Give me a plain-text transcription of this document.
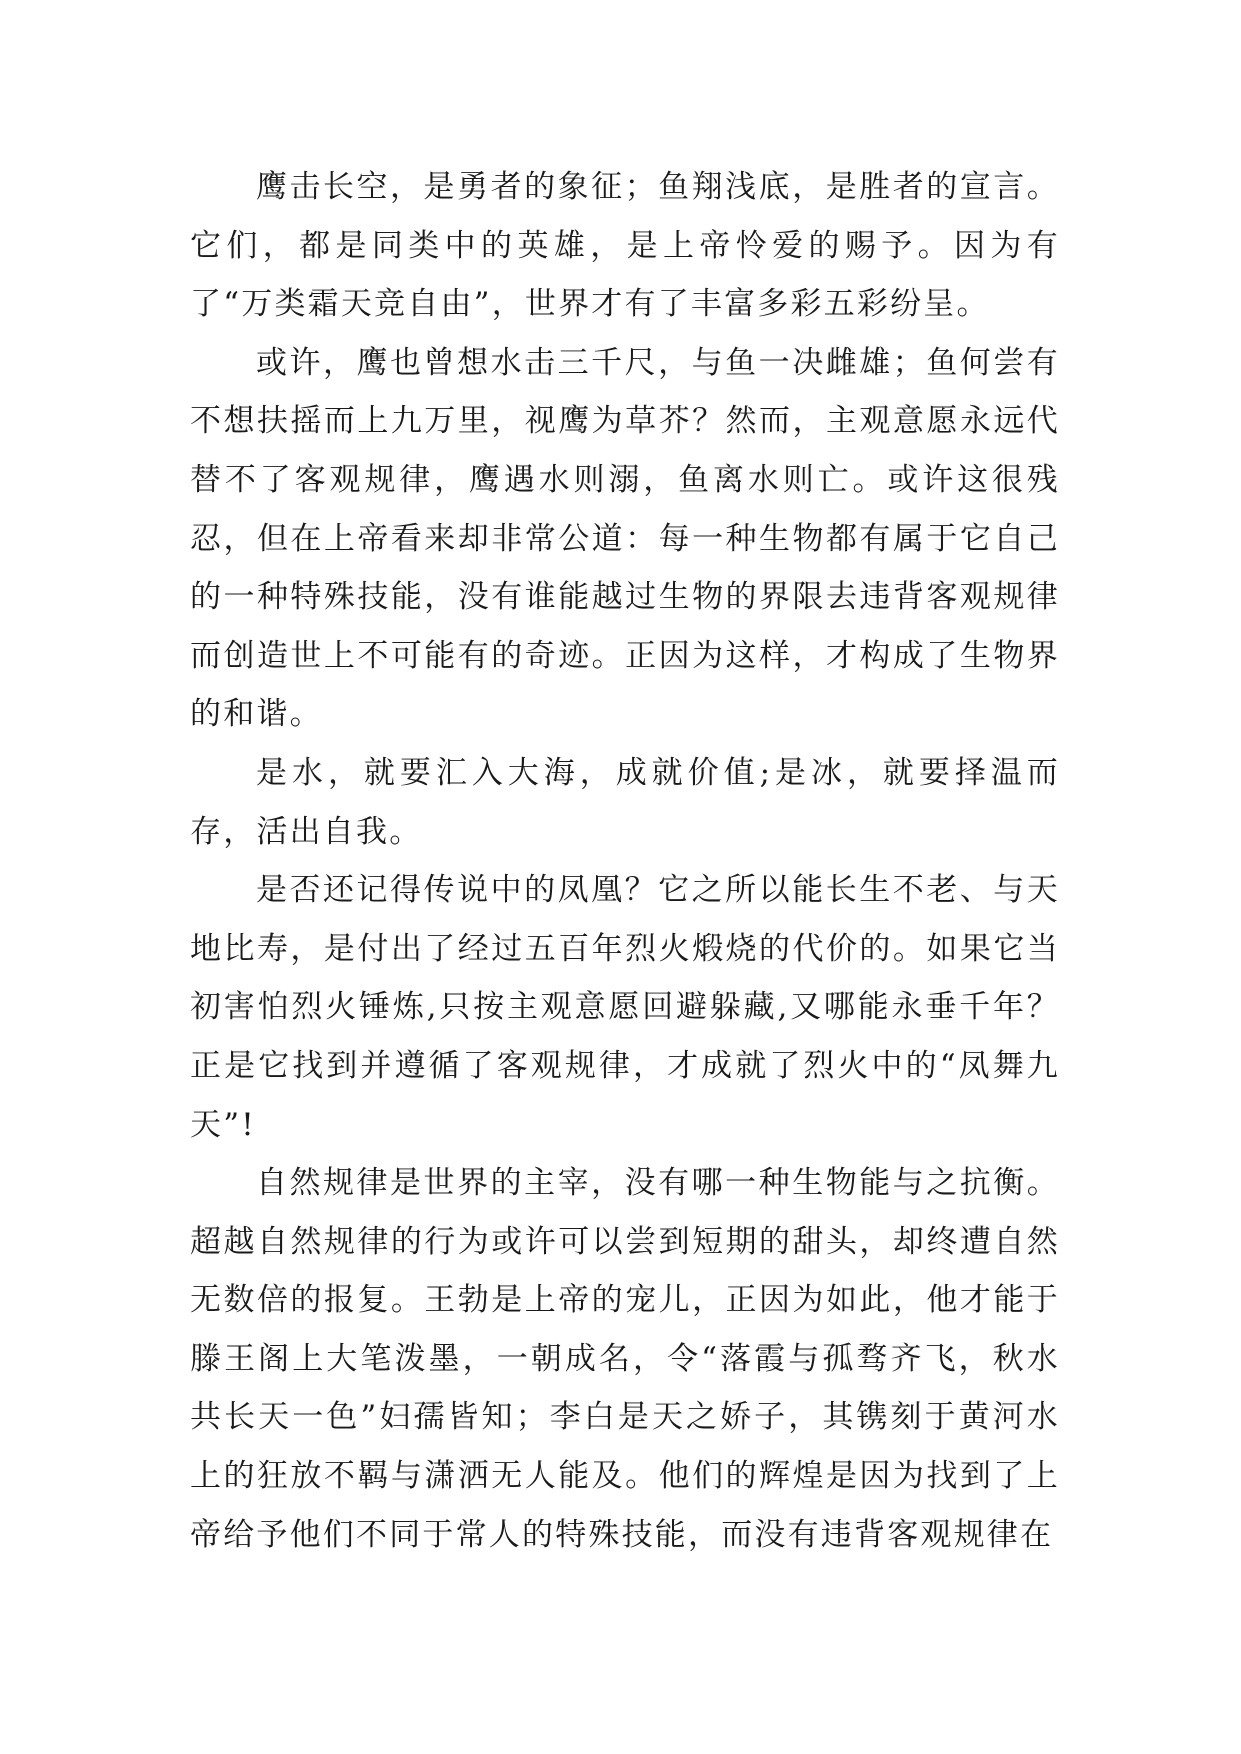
鹰击长空，是勇者的象征；鱼翔浅底，是胜者的宣言。它们，都是同类中的英雄，是上帝怜爱的赐予。因为有了“万类霜天竞自由”，世界才有了丰富多彩五彩纷呈。

或许，鹰也曾想水击三千尺，与鱼一决雌雄；鱼何尝有不想扶摇而上九万里，视鹰为草芥？然而，主观意愿永远代替不了客观规律，鹰遇水则溺，鱼离水则亡。或许这很残忍，但在上帝看来却非常公道：每一种生物都有属于它自己的一种特殊技能，没有谁能越过生物的界限去违背客观规律而创造世上不可能有的奇迹。正因为这样，才构成了生物界的和谐。

是水，就要汇入大海，成就价值;是冰，就要择温而存，活出自我。

是否还记得传说中的凤凰？它之所以能长生不老、与天地比寿，是付出了经过五百年烈火煅烧的代价的。如果它当初害怕烈火锤炼,只按主观意愿回避躲藏,又哪能永垂千年？正是它找到并遵循了客观规律，才成就了烈火中的“凤舞九天”!

自然规律是世界的主宰，没有哪一种生物能与之抗衡。超越自然规律的行为或许可以尝到短期的甜头，却终遭自然无数倍的报复。王勃是上帝的宠儿，正因为如此，他才能于滕王阁上大笔泼墨，一朝成名，令“落霞与孤骛齐飞，秋水共长天一色”妇孺皆知；李白是天之娇子，其镌刻于黄河水上的狂放不羁与潇洒无人能及。他们的辉煌是因为找到了上帝给予他们不同于常人的特殊技能，而没有违背客观规律在
